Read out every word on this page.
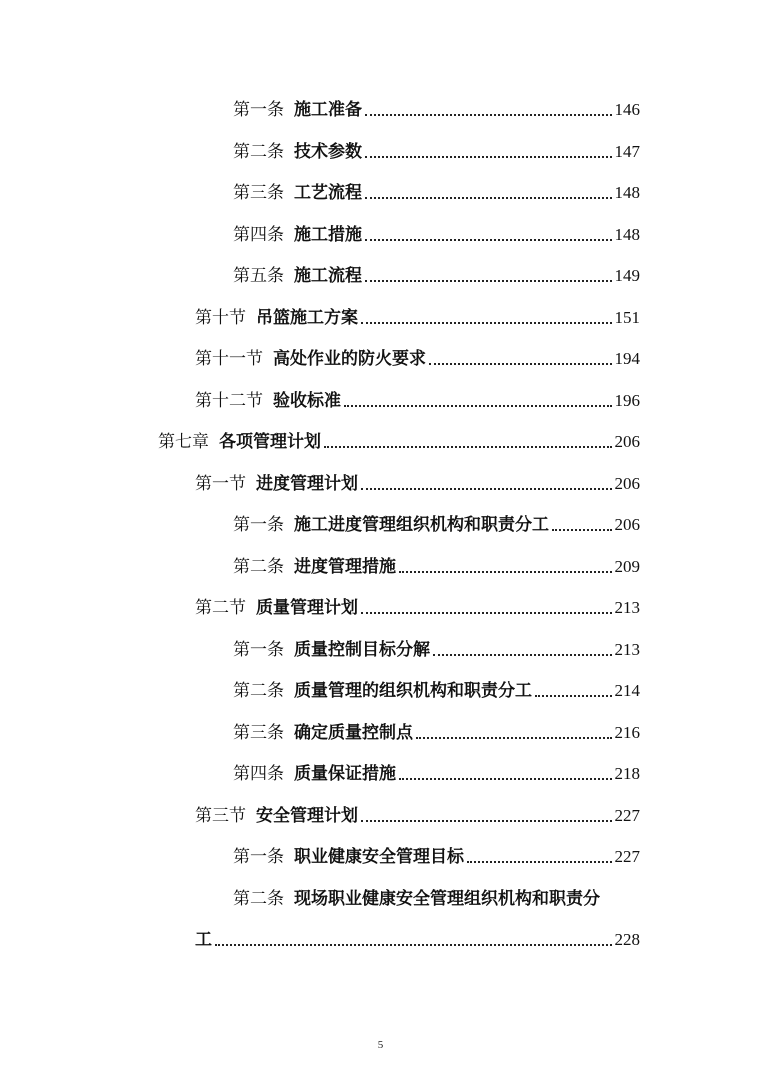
第一条 施工准备	146
第二条 技术参数	147
第三条 工艺流程	148
第四条 施工措施	148
第五条 施工流程	149
第十节 吊篮施工方案	151
第十一节 高处作业的防火要求	194
第十二节 验收标准	196
第七章 各项管理计划	206
第一节 进度管理计划	206
第一条 施工进度管理组织机构和职责分工	206
第二条 进度管理措施	209
第二节 质量管理计划	213
第一条 质量控制目标分解	213
第二条 质量管理的组织机构和职责分工	214
第三条 确定质量控制点	216
第四条 质量保证措施	218
第三节 安全管理计划	227
第一条 职业健康安全管理目标	227
第二条 现场职业健康安全管理组织机构和职责分
工	228
5
